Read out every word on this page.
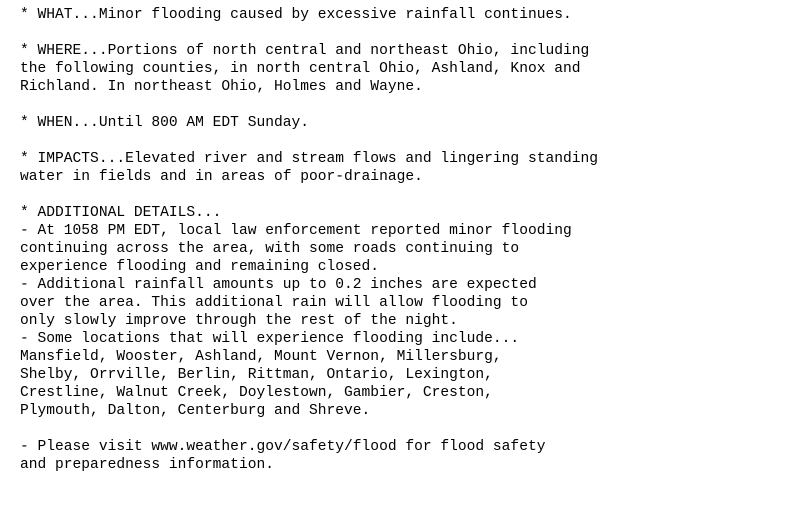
* WHAT...Minor flooding caused by excessive rainfall continues.

* WHERE...Portions of north central and northeast Ohio, including
the following counties, in north central Ohio, Ashland, Knox and
Richland. In northeast Ohio, Holmes and Wayne.

* WHEN...Until 800 AM EDT Sunday.

* IMPACTS...Elevated river and stream flows and lingering standing
water in fields and in areas of poor-drainage.

* ADDITIONAL DETAILS...
- At 1058 PM EDT, local law enforcement reported minor flooding
continuing across the area, with some roads continuing to
experience flooding and remaining closed.
- Additional rainfall amounts up to 0.2 inches are expected
over the area. This additional rain will allow flooding to
only slowly improve through the rest of the night.
- Some locations that will experience flooding include...
Mansfield, Wooster, Ashland, Mount Vernon, Millersburg,
Shelby, Orrville, Berlin, Rittman, Ontario, Lexington,
Crestline, Walnut Creek, Doylestown, Gambier, Creston,
Plymouth, Dalton, Centerburg and Shreve.

- Please visit www.weather.gov/safety/flood for flood safety
and preparedness information.
